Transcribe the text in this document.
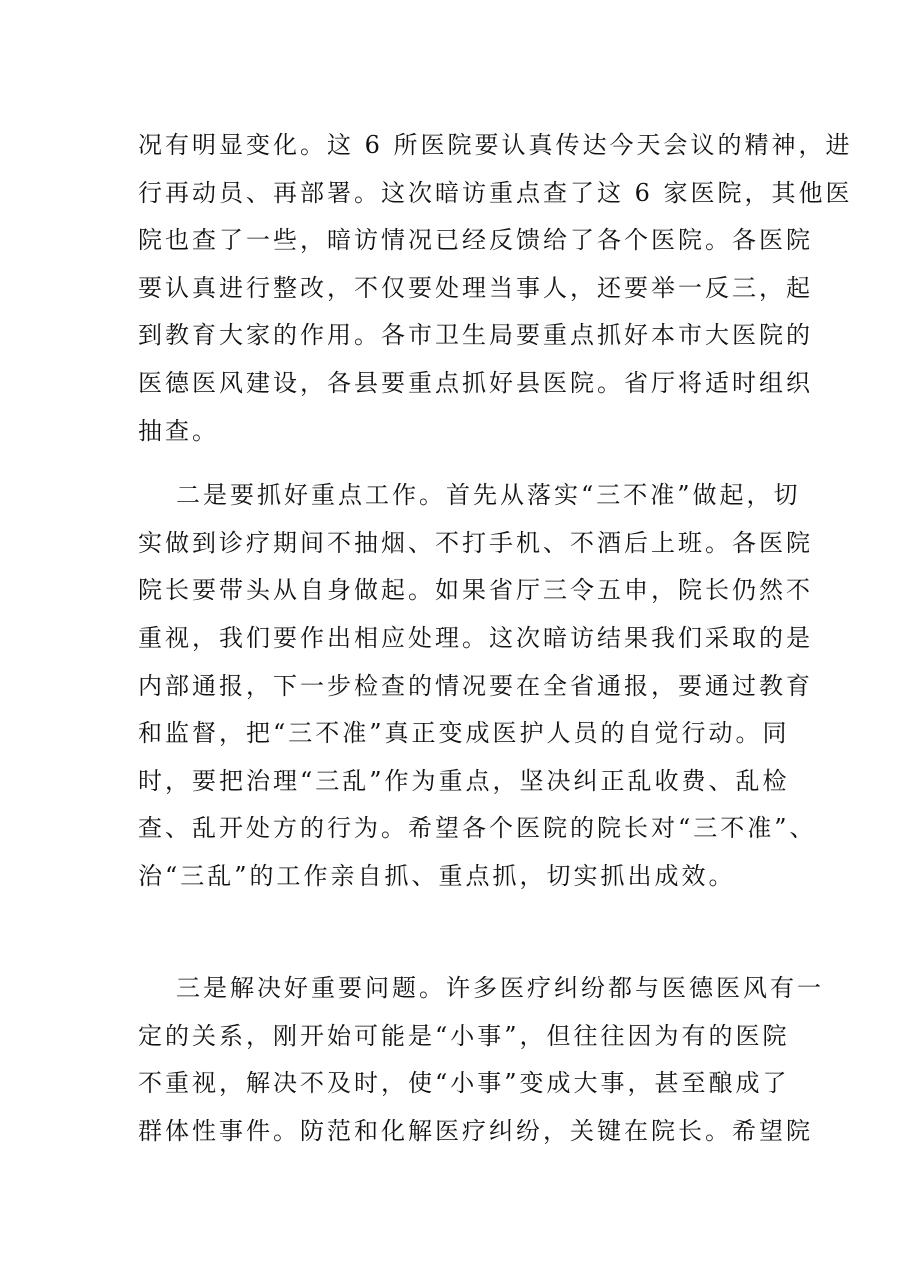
况有明显变化。这 6 所医院要认真传达今天会议的精神，进
行再动员、再部署。这次暗访重点查了这 6 家医院，其他医
院也查了一些，暗访情况已经反馈给了各个医院。各医院
要认真进行整改，不仅要处理当事人，还要举一反三，起
到教育大家的作用。各市卫生局要重点抓好本市大医院的
医德医风建设，各县要重点抓好县医院。省厅将适时组织
抽查。
二是要抓好重点工作。首先从落实“三不准”做起，切
实做到诊疗期间不抽烟、不打手机、不酒后上班。各医院
院长要带头从自身做起。如果省厅三令五申，院长仍然不
重视，我们要作出相应处理。这次暗访结果我们采取的是
内部通报，下一步检查的情况要在全省通报，要通过教育
和监督，把“三不准”真正变成医护人员的自觉行动。同
时，要把治理“三乱”作为重点，坚决纠正乱收费、乱检
查、乱开处方的行为。希望各个医院的院长对“三不准”、
治“三乱”的工作亲自抓、重点抓，切实抓出成效。
三是解决好重要问题。许多医疗纠纷都与医德医风有一
定的关系，刚开始可能是“小事”，但往往因为有的医院
不重视，解决不及时，使“小事”变成大事，甚至酿成了
群体性事件。防范和化解医疗纠纷，关键在院长。希望院
